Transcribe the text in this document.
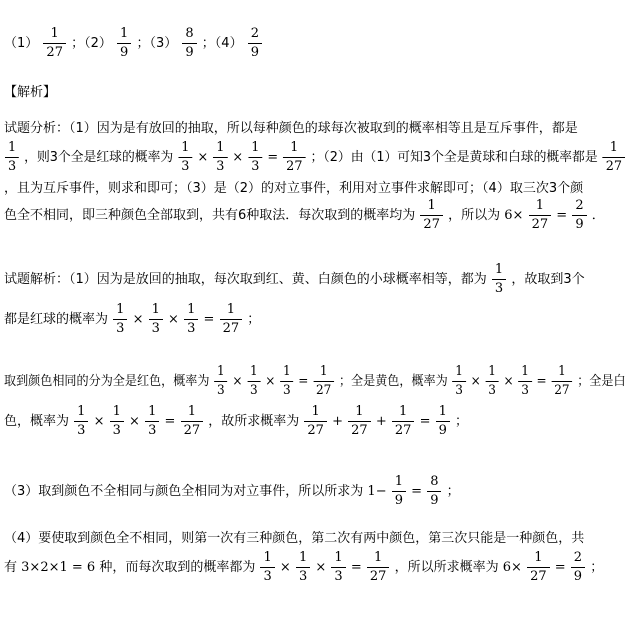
$(1) \frac{1}{27}$ ；$(2) \frac{1}{9}$ ；$(3) \frac{8}{9}$ ；$(4) \frac{2}{9}$
【解析】
试题分析：（1）因为是有放回的抽取，所以每种颜色的球每次被取到的概率相等且是互斥事件，都是
$\frac{1}{3}$ ，则3个全是红球的概率为 $\frac{1}{3} \times \frac{1}{3} \times \frac{1}{3} = \frac{1}{27}$ ；（2）由（1）可知3个全是黄球和白球的概率都是 $\frac{1}{27}$
，且为互斥事件，则求和即可；（3）是（2）的对立事件，利用对立事件求解即可；（4）取三次3个颜
色全不相同，即三种颜色全部取到，共有6种取法．每次取到的概率均为 $\frac{1}{27}$ ，所以为 $6\times \frac{1}{27} = \frac{2}{9}$ ．
试题解析：（1）因为是放回的抽取，每次取到红、黄、白颜色的小球概率相等，都为 $\frac{1}{3}$ ，故取到3个
都是红球的概率为 $\frac{1}{3} \times \frac{1}{3} \times \frac{1}{3} = \frac{1}{27}$ ；
取到颜色相同的分为全是红色，概率为 $\frac{1}{3} \times \frac{1}{3} \times \frac{1}{3} = \frac{1}{27}$ ；全是黄色，概率为 $\frac{1}{3} \times \frac{1}{3} \times \frac{1}{3} = \frac{1}{27}$ ；全是白
色，概率为 $\frac{1}{3} \times \frac{1}{3} \times \frac{1}{3} = \frac{1}{27}$ ，故所求概率为 $\frac{1}{27} + \frac{1}{27} + \frac{1}{27} = \frac{1}{9}$ ；
（3）取到颜色不全相同与颜色全相同为对立事件，所以所求为 $1- \frac{1}{9} = \frac{8}{9}$ ；
（4）要使取到颜色全不相同，则第一次有三种颜色，第二次有两中颜色，第三次只能是一种颜色，共
有 3×2×1 = 6 种，而每次取到的概率都为 $\frac{1}{3} \times \frac{1}{3} \times \frac{1}{3} = \frac{1}{27}$ ，所以所求概率为 $6\times \frac{1}{27} = \frac{2}{9}$ ；
